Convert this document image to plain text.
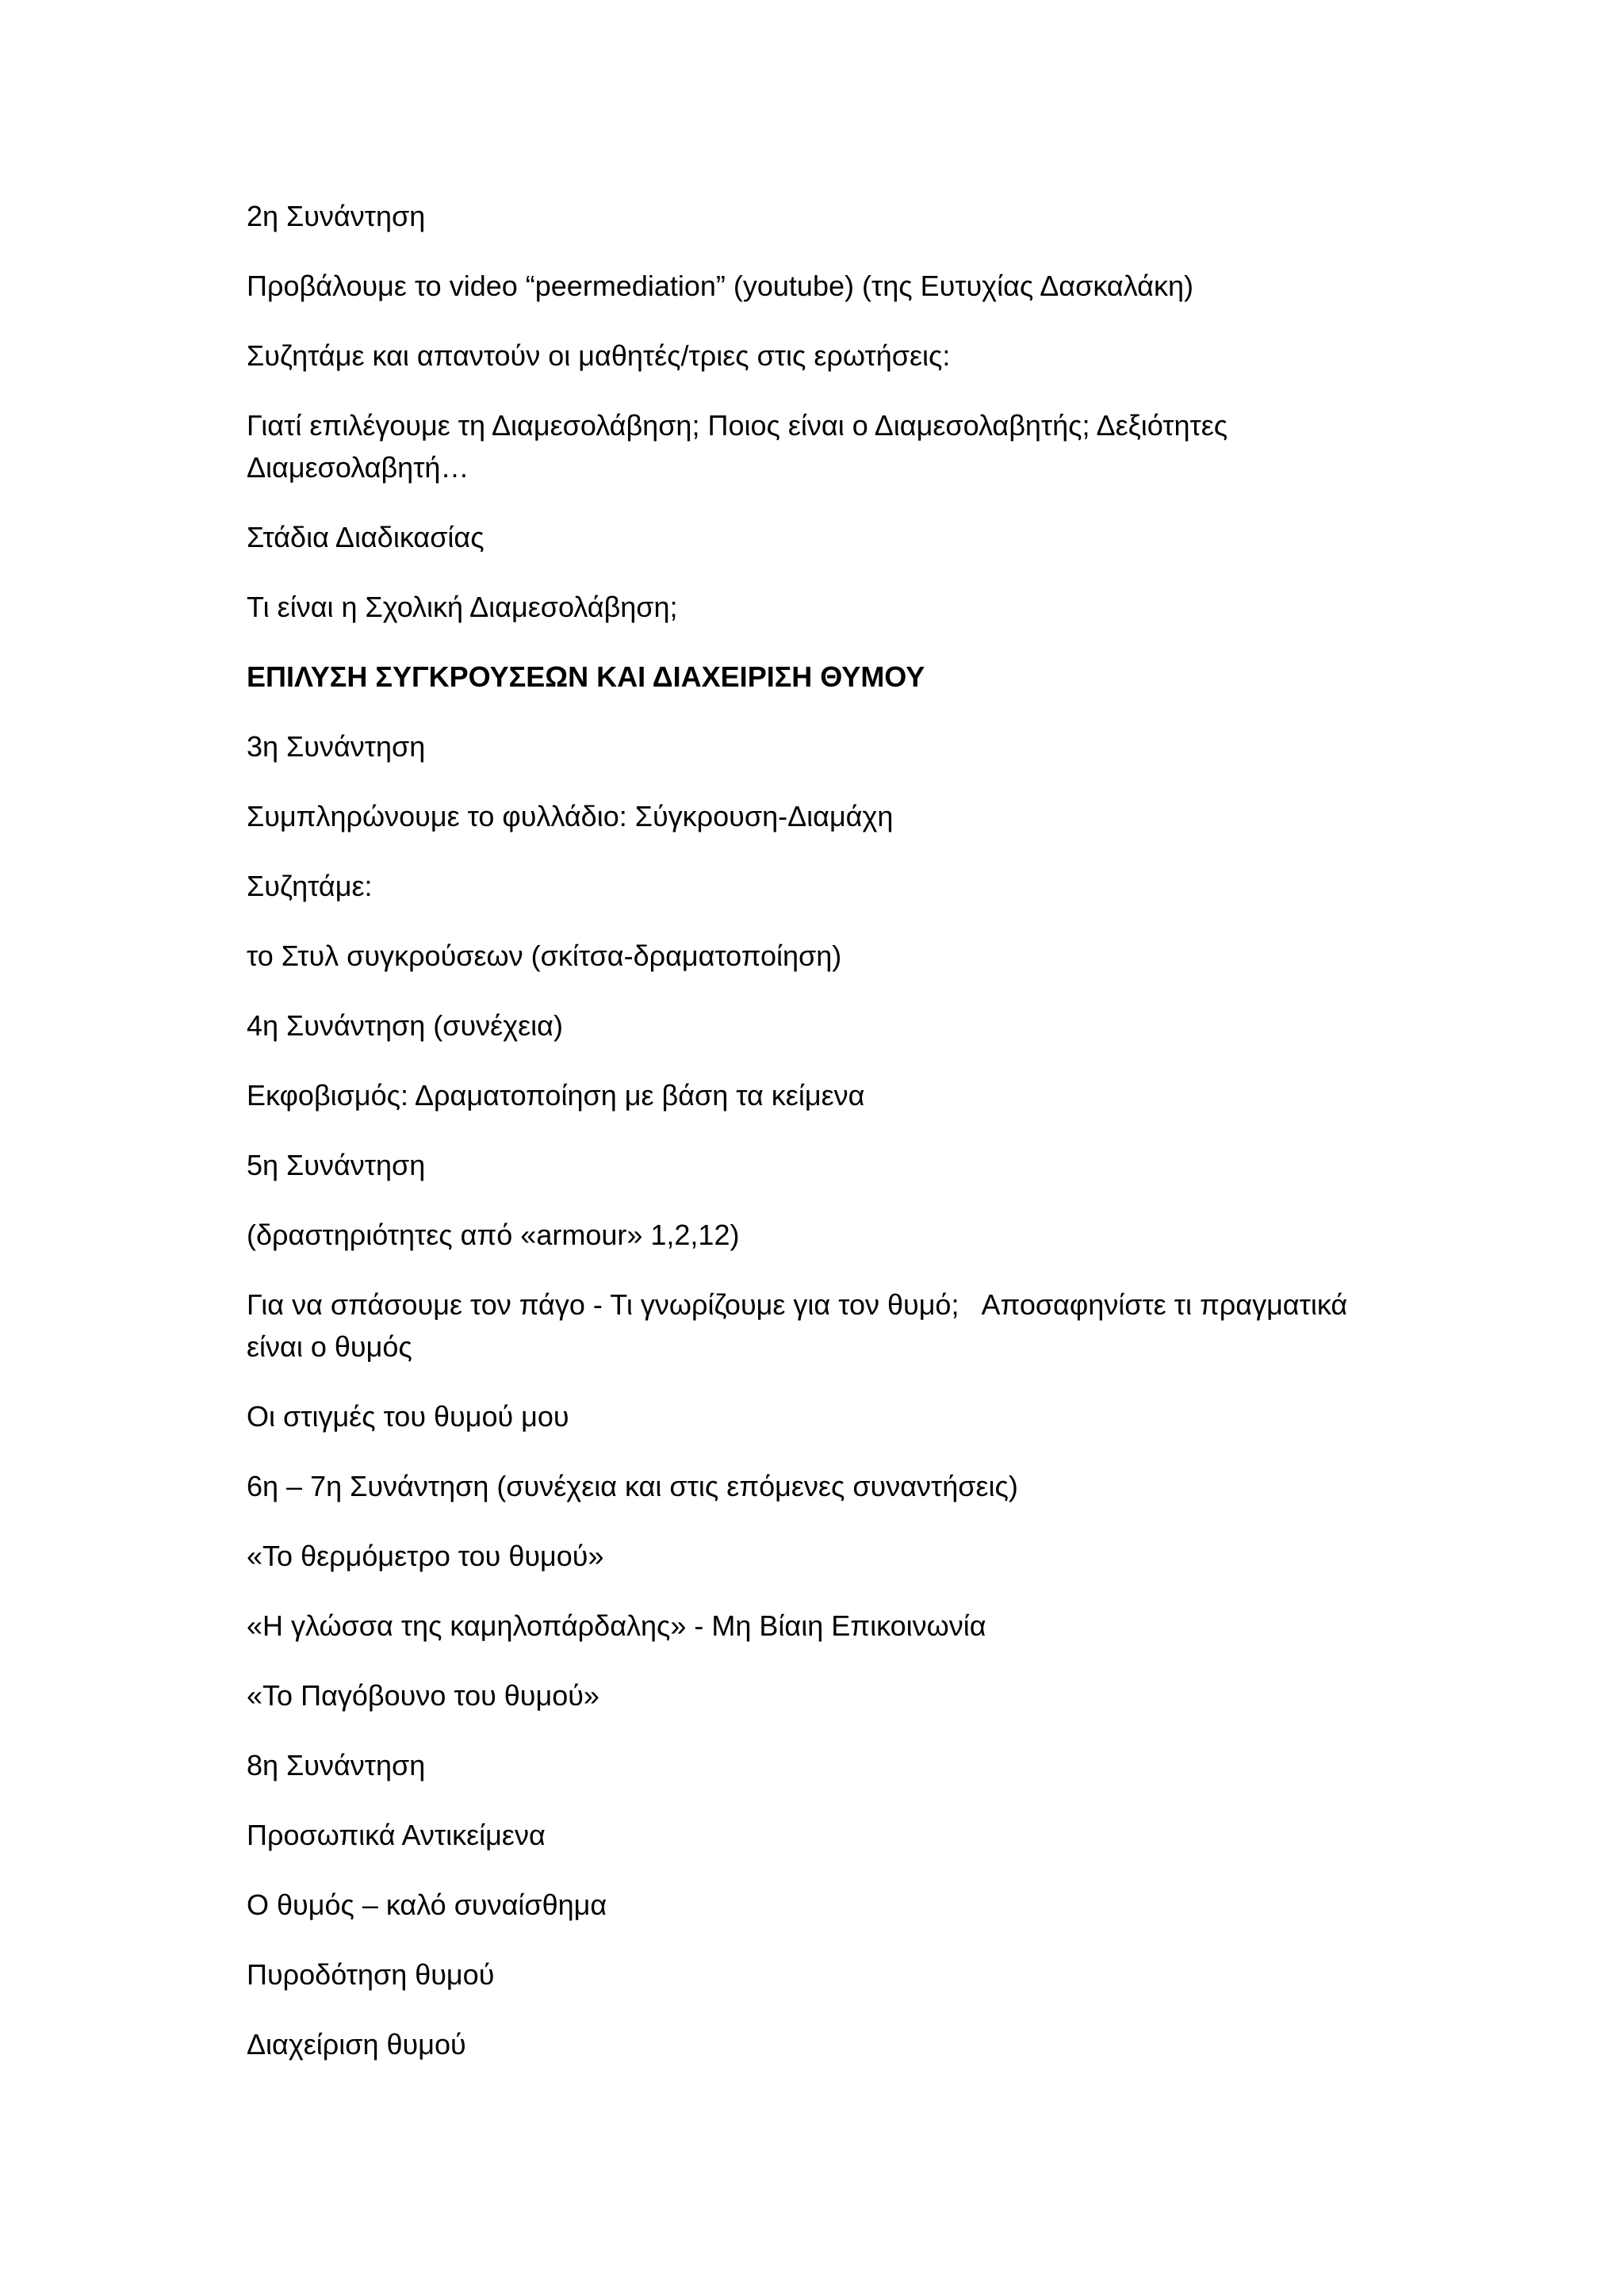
2η Συνάντηση

Προβάλουμε το video “peermediation” (youtube) (της Ευτυχίας Δασκαλάκη)

Συζητάμε και απαντούν οι μαθητές/τριες στις ερωτήσεις:

Γιατί επιλέγουμε τη Διαμεσολάβηση; Ποιος είναι ο Διαμεσολαβητής; Δεξιότητες Διαμεσολαβητή…

Στάδια Διαδικασίας

Τι είναι η Σχολική Διαμεσολάβηση;

ΕΠΙΛΥΣΗ ΣΥΓΚΡΟΥΣΕΩΝ ΚΑΙ ΔΙΑΧΕΙΡΙΣΗ ΘΥΜΟΥ

3η Συνάντηση

Συμπληρώνουμε το φυλλάδιο: Σύγκρουση-Διαμάχη

Συζητάμε:

το Στυλ συγκρούσεων (σκίτσα-δραματοποίηση)

4η Συνάντηση (συνέχεια)

Εκφοβισμός: Δραματοποίηση με βάση τα κείμενα

5η Συνάντηση

(δραστηριότητες από «armour» 1,2,12)

Για να σπάσουμε τον πάγο - Τι γνωρίζουμε για τον θυμό;   Αποσαφηνίστε τι πραγματικά είναι ο θυμός

Οι στιγμές του θυμού μου

6η – 7η Συνάντηση (συνέχεια και στις επόμενες συναντήσεις)

«Το θερμόμετρο του θυμού»

«Η γλώσσα της καμηλοπάρδαλης» - Μη Βίαιη Επικοινωνία

«Το Παγόβουνο του θυμού»

8η Συνάντηση

Προσωπικά Αντικείμενα

Ο θυμός – καλό συναίσθημα

Πυροδότηση θυμού

Διαχείριση θυμού
